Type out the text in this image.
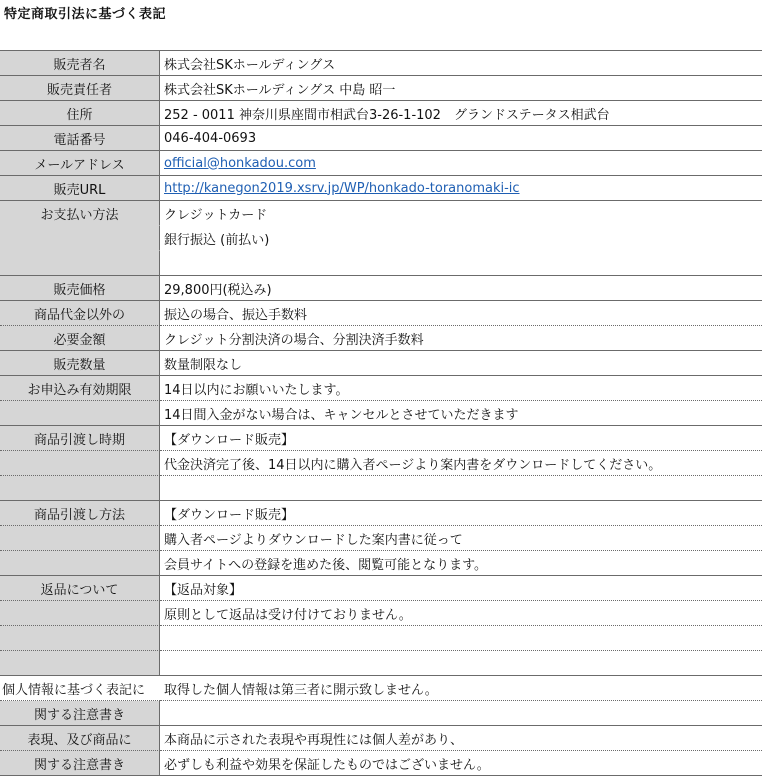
特定商取引法に基づく表記
販売者名	株式会社SKホールディングス
販売責任者	株式会社SKホールディングス 中島 昭一
住所	252 - 0011 神奈川県座間市相武台3-26-1-102　グランドステータス相武台
電話番号	046-404-0693
メールアドレス	official@honkadou.com
販売URL	http://kanegon2019.xsrv.jp/WP/honkado-toranomaki-ic
お支払い方法	クレジットカード
銀行振込 (前払い)
販売価格	29,800円(税込み)
商品代金以外の	振込の場合、振込手数料
必要金額	クレジット分割決済の場合、分割決済手数料
販売数量	数量制限なし
お申込み有効期限	14日以内にお願いいたします。
14日間入金がない場合は、キャンセルとさせていただきます
商品引渡し時期	【ダウンロード販売】
代金決済完了後、14日以内に購入者ページより案内書をダウンロードしてください。
商品引渡し方法	【ダウンロード販売】
購入者ページよりダウンロードした案内書に従って
会員サイトへの登録を進めた後、閲覧可能となります。
返品について	【返品対象】
原則として返品は受け付けておりません。
個人情報に基づく表記に	取得した個人情報は第三者に開示致しません。
関する注意書き
表現、及び商品に	本商品に示された表現や再現性には個人差があり、
関する注意書き	必ずしも利益や効果を保証したものではございません。
